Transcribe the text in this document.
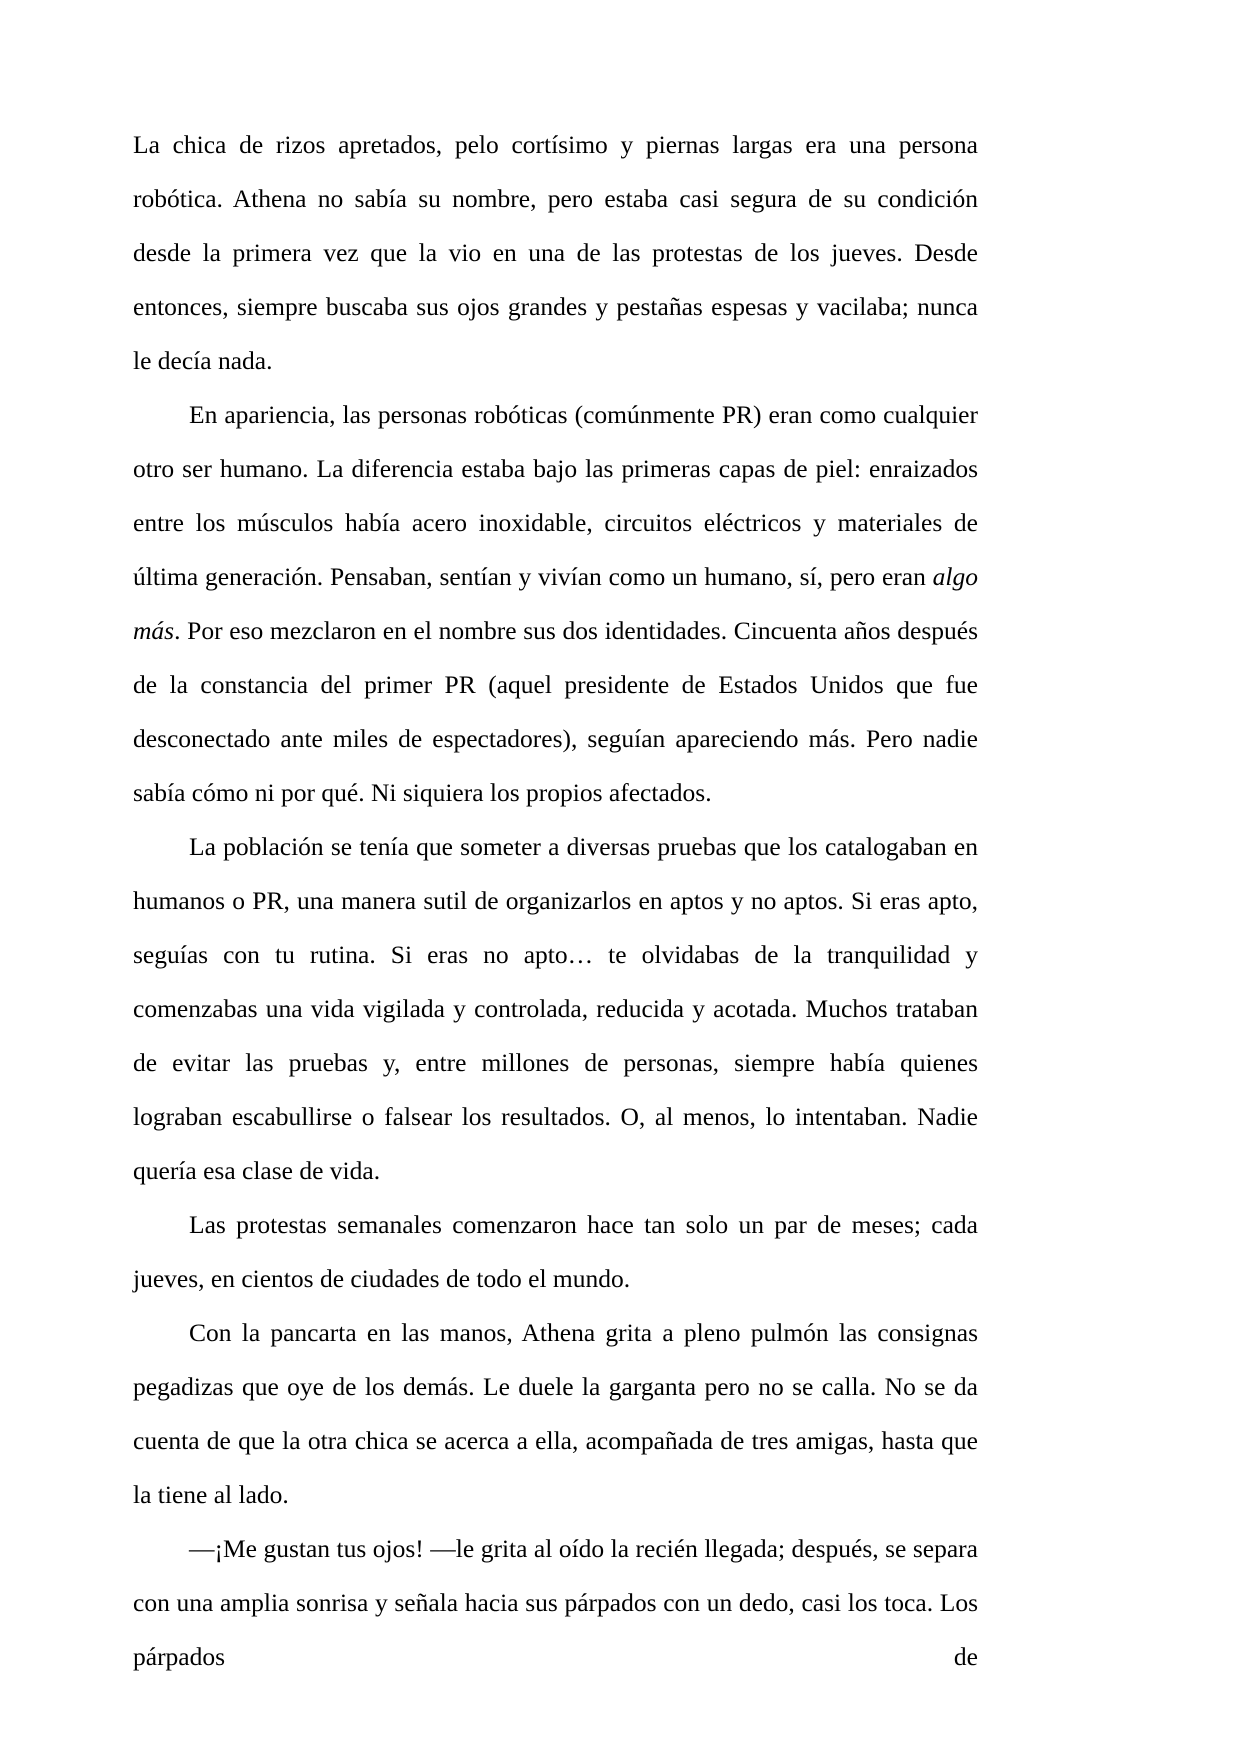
La chica de rizos apretados, pelo cortísimo y piernas largas era una persona robótica. Athena no sabía su nombre, pero estaba casi segura de su condición desde la primera vez que la vio en una de las protestas de los jueves. Desde entonces, siempre buscaba sus ojos grandes y pestañas espesas y vacilaba; nunca le decía nada.

En apariencia, las personas robóticas (comúnmente PR) eran como cualquier otro ser humano. La diferencia estaba bajo las primeras capas de piel: enraizados entre los músculos había acero inoxidable, circuitos eléctricos y materiales de última generación. Pensaban, sentían y vivían como un humano, sí, pero eran algo más. Por eso mezclaron en el nombre sus dos identidades. Cincuenta años después de la constancia del primer PR (aquel presidente de Estados Unidos que fue desconectado ante miles de espectadores), seguían apareciendo más. Pero nadie sabía cómo ni por qué. Ni siquiera los propios afectados.

La población se tenía que someter a diversas pruebas que los catalogaban en humanos o PR, una manera sutil de organizarlos en aptos y no aptos. Si eras apto, seguías con tu rutina. Si eras no apto… te olvidabas de la tranquilidad y comenzabas una vida vigilada y controlada, reducida y acotada. Muchos trataban de evitar las pruebas y, entre millones de personas, siempre había quienes lograban escabullirse o falsear los resultados. O, al menos, lo intentaban. Nadie quería esa clase de vida.

Las protestas semanales comenzaron hace tan solo un par de meses; cada jueves, en cientos de ciudades de todo el mundo.

Con la pancarta en las manos, Athena grita a pleno pulmón las consignas pegadizas que oye de los demás. Le duele la garganta pero no se calla. No se da cuenta de que la otra chica se acerca a ella, acompañada de tres amigas, hasta que la tiene al lado.

—¡Me gustan tus ojos! —le grita al oído la recién llegada; después, se separa con una amplia sonrisa y señala hacia sus párpados con un dedo, casi los toca. Los párpados de
